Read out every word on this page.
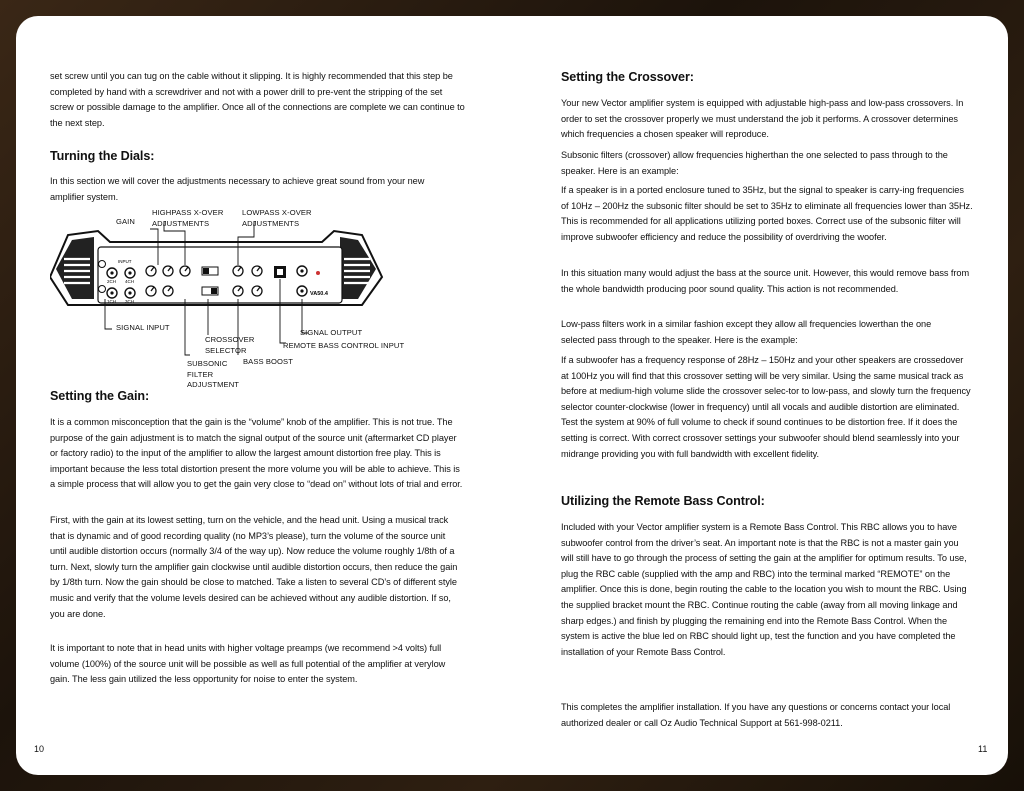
set screw until you can tug on the cable without it slipping. It is highly recommended that this step be completed by hand with a screwdriver and not with a power drill to pre-vent the stripping of the set screw or possible damage to the amplifier. Once all of the connections are complete we can continue to the next step.

Turning the Dials:

In this section we will cover the adjustments necessary to achieve great sound from your new amplifier system.

GAIN
HIGHPASS X-OVER ADJUSTMENTS
LOWPASS X-OVER ADJUSTMENTS
INPUT
2CH 4CH
1CH 3CH
VA50.4
SIGNAL INPUT
CROSSOVER SELECTOR
SUBSONIC FILTER ADJUSTMENT
BASS BOOST
SIGNAL OUTPUT
REMOTE BASS CONTROL INPUT
Setting the Gain:

It is a common misconception that the gain is the “volume” knob of the amplifier. This is not true. The purpose of the gain adjustment is to match the signal output of the source unit (aftermarket CD player or factory radio) to the input of the amplifier to allow the largest amount distortion free play. This is important because the less total distortion present the more volume you will be able to achieve. This is a simple process that will allow you to get the gain very close to “dead on” without lots of trial and error.

First, with the gain at its lowest setting, turn on the vehicle, and the head unit. Using a musical track that is dynamic and of good recording quality (no MP3’s please), turn the volume of the source unit until audible distortion occurs (normally 3/4 of the way up). Now reduce the volume roughly 1/8th of a turn. Next, slowly turn the amplifier gain clockwise until audible distortion occurs, then reduce the gain by 1/8th turn. Now the gain should be close to matched. Take a listen to several CD’s of different style music and verify that the volume levels desired can be achieved without any audible distortion. If so, you are done.

It is important to note that in head units with higher voltage preamps (we recommend >4 volts) full volume (100%) of the source unit will be possible as well as full potential of the amplifier at verylow gain. The less gain utilized the less opportunity for noise to enter the system.

10
Setting the Crossover:

Your new Vector amplifier system is equipped with adjustable high-pass and low-pass crossovers. In order to set the crossover properly we must understand the job it performs. A crossover determines which frequencies a chosen speaker will reproduce.

Subsonic filters (crossover) allow frequencies higherthan the one selected to pass through to the speaker. Here is an example:

If a speaker is in a ported enclosure tuned to 35Hz, but the signal to speaker is carry-ing frequencies of 10Hz – 200Hz the subsonic filter should be set to 35Hz to eliminate all frequencies lower than 35Hz. This is recommended for all applications utilizing ported boxes. Correct use of the subsonic filter will improve subwoofer efficiency and reduce the possibility of overdriving the woofer.

In this situation many would adjust the bass at the source unit. However, this would remove bass from the whole bandwidth producing poor sound quality. This action is not recommended.

Low-pass filters work in a similar fashion except they allow all frequencies lowerthan the one selected pass through to the speaker. Here is the example:

If a subwoofer has a frequency response of 28Hz – 150Hz and your other speakers are crossedover at 100Hz you will find that this crossover setting will be very similar. Using the same musical track as before at medium-high volume slide the crossover selec-tor to low-pass, and slowly turn the frequency selector counter-clockwise (lower in frequency) until all vocals and audible distortion are eliminated. Test the system at 90% of full volume to check if sound continues to be distortion free. If it does the setting is correct. With correct crossover settings your subwoofer should blend seamlessly into your midrange providing you with full bandwidth with excellent fidelity.

Utilizing the Remote Bass Control:

Included with your Vector amplifier system is a Remote Bass Control. This RBC allows you to have subwoofer control from the driver’s seat. An important note is that the RBC is not a master gain you will still have to go through the process of setting the gain at the amplifier for optimum results. To use, plug the RBC cable (supplied with the amp and RBC) into the terminal marked “REMOTE” on the amplifier. Once this is done, begin routing the cable to the location you wish to mount the RBC. Using the supplied bracket mount the RBC. Continue routing the cable (away from all moving linkage and sharp edges.) and finish by plugging the remaining end into the Remote Bass Control. When the system is active the blue led on RBC should light up, test the function and you have completed the installation of your Remote Bass Control.

This completes the amplifier installation. If you have any questions or concerns contact your local authorized dealer or call Oz Audio Technical Support at 561-998-0211.

11
